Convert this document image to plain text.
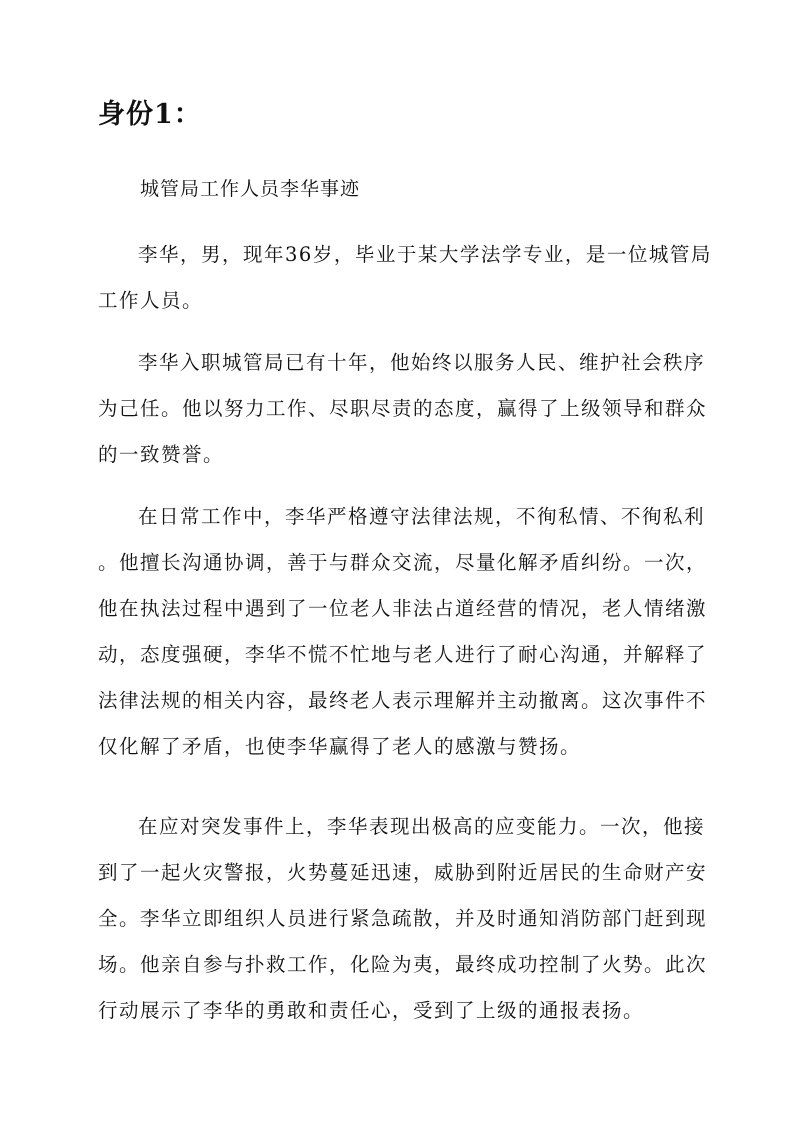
身份1：
城管局工作人员李华事迹
李华，男，现年36岁，毕业于某大学法学专业，是一位城管局
工作人员。
李华入职城管局已有十年，他始终以服务人民、维护社会秩序
为己任。他以努力工作、尽职尽责的态度，赢得了上级领导和群众
的一致赞誉。
在日常工作中，李华严格遵守法律法规，不徇私情、不徇私利
。他擅长沟通协调，善于与群众交流，尽量化解矛盾纠纷。一次，
他在执法过程中遇到了一位老人非法占道经营的情况，老人情绪激
动，态度强硬，李华不慌不忙地与老人进行了耐心沟通，并解释了
法律法规的相关内容，最终老人表示理解并主动撤离。这次事件不
仅化解了矛盾，也使李华赢得了老人的感激与赞扬。
在应对突发事件上，李华表现出极高的应变能力。一次，他接
到了一起火灾警报，火势蔓延迅速，威胁到附近居民的生命财产安
全。李华立即组织人员进行紧急疏散，并及时通知消防部门赶到现
场。他亲自参与扑救工作，化险为夷，最终成功控制了火势。此次
行动展示了李华的勇敢和责任心，受到了上级的通报表扬。
